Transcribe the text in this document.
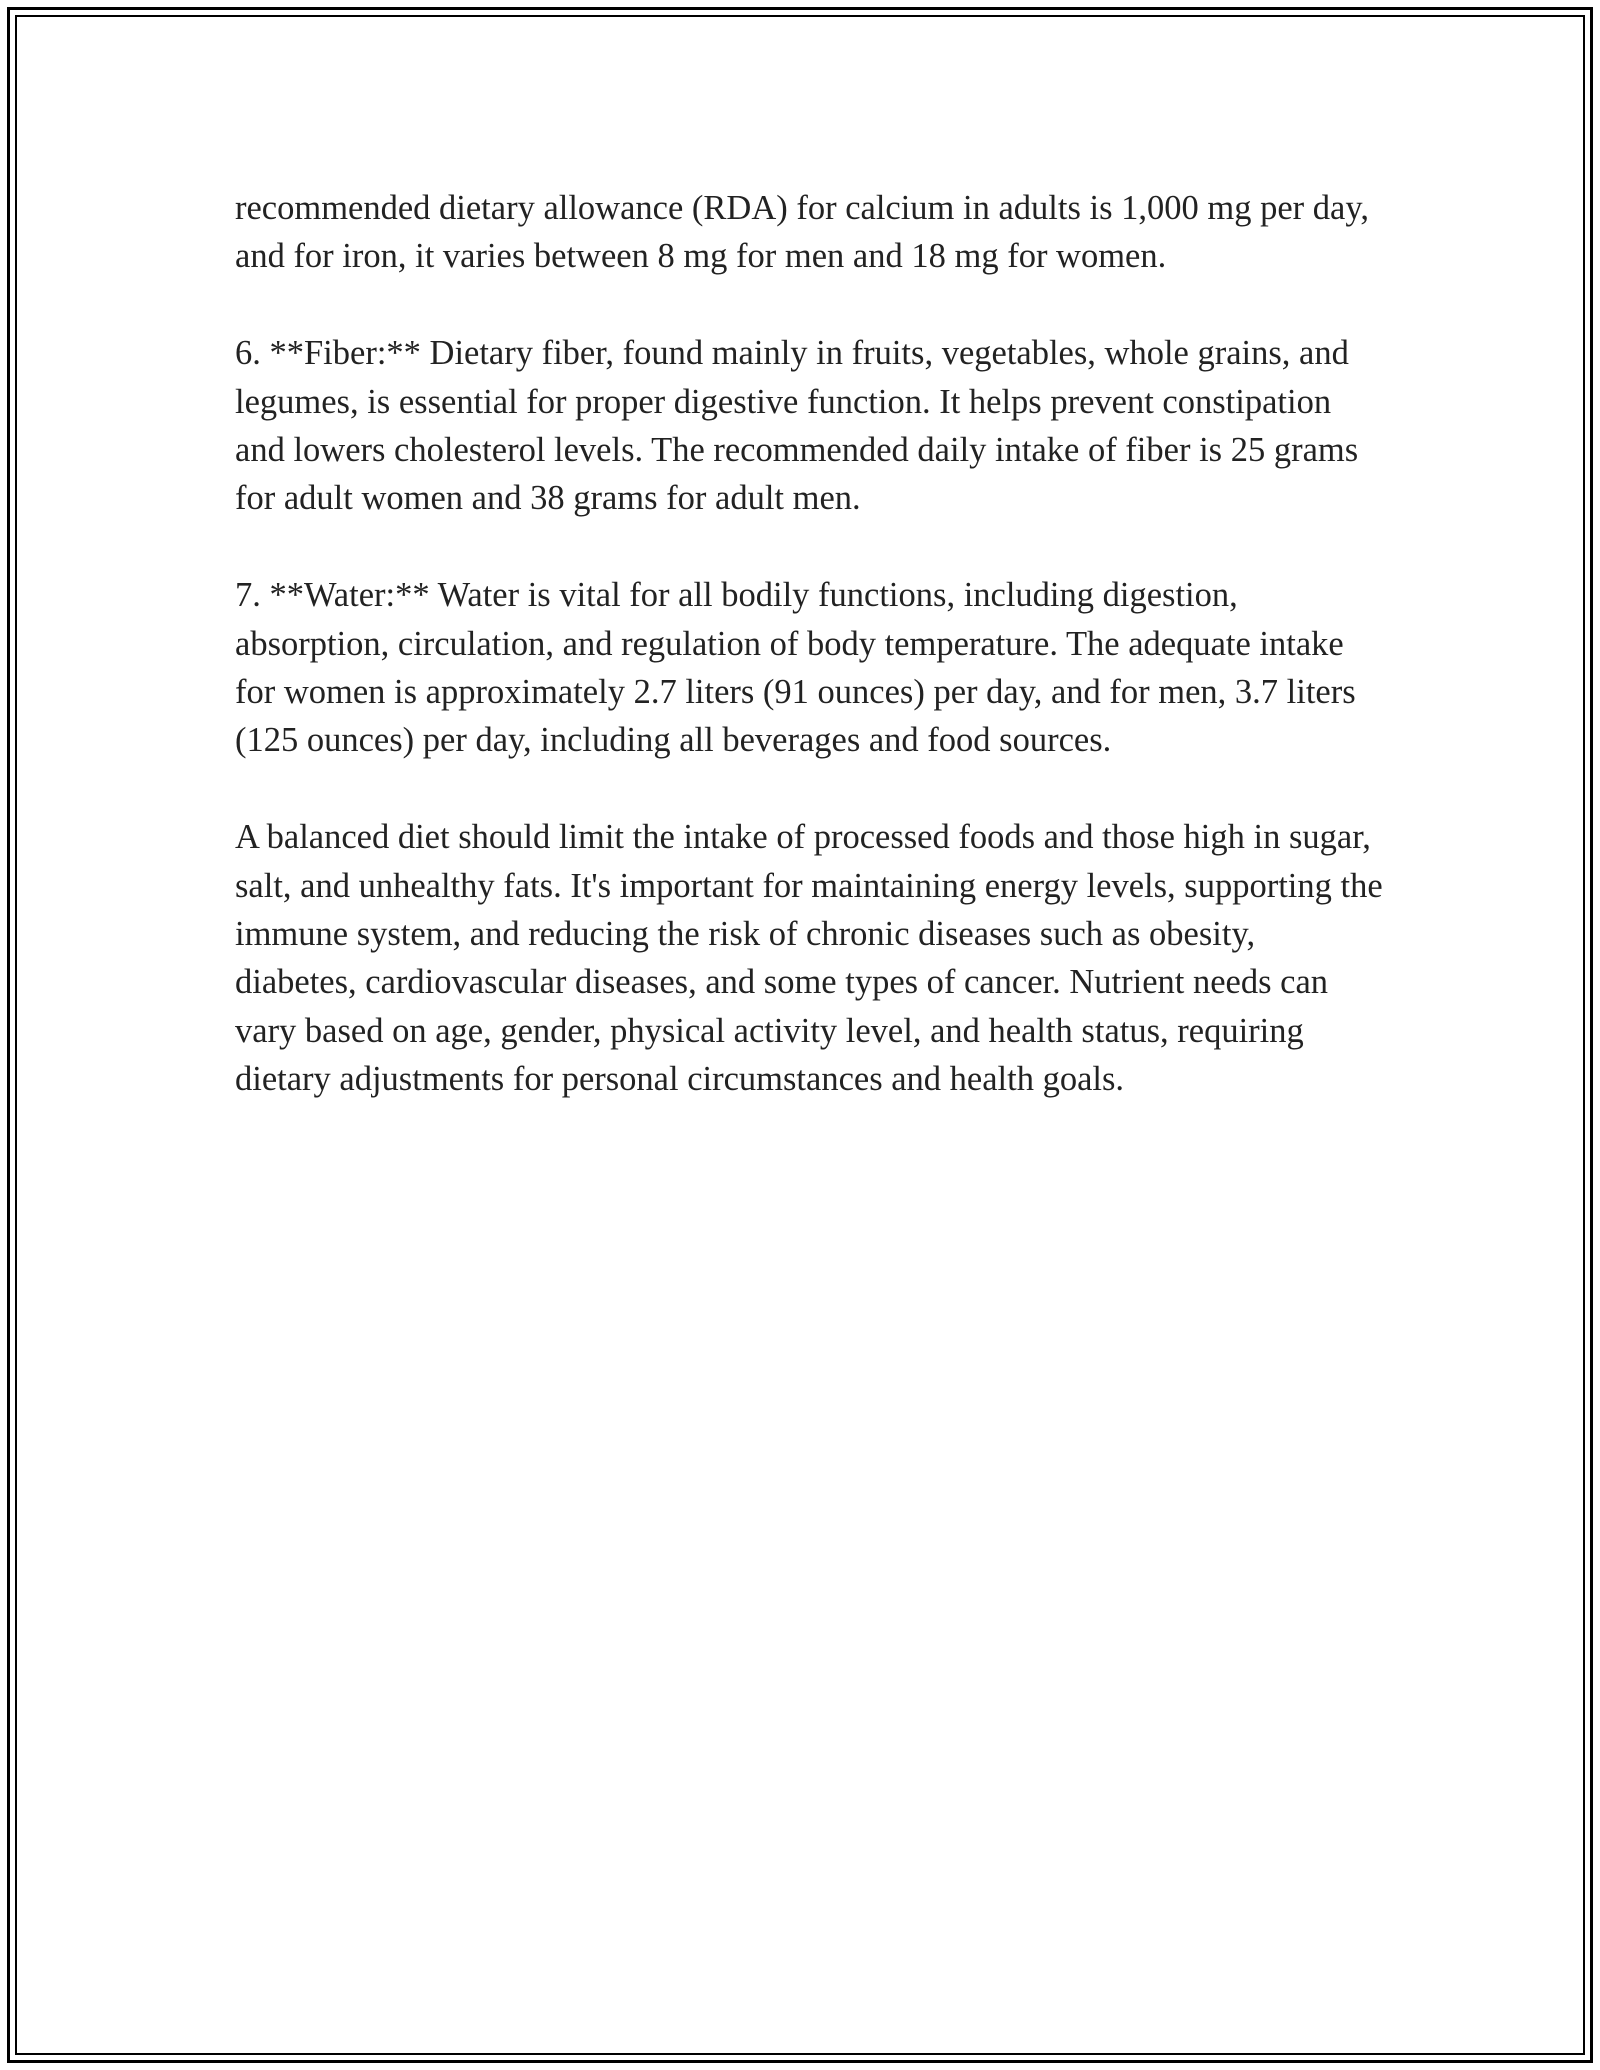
recommended dietary allowance (RDA) for calcium in adults is 1,000 mg per day, and for iron, it varies between 8 mg for men and 18 mg for women.

6. **Fiber:** Dietary fiber, found mainly in fruits, vegetables, whole grains, and legumes, is essential for proper digestive function. It helps prevent constipation and lowers cholesterol levels. The recommended daily intake of fiber is 25 grams for adult women and 38 grams for adult men.

7. **Water:** Water is vital for all bodily functions, including digestion, absorption, circulation, and regulation of body temperature. The adequate intake for women is approximately 2.7 liters (91 ounces) per day, and for men, 3.7 liters (125 ounces) per day, including all beverages and food sources.

A balanced diet should limit the intake of processed foods and those high in sugar, salt, and unhealthy fats. It's important for maintaining energy levels, supporting the immune system, and reducing the risk of chronic diseases such as obesity, diabetes, cardiovascular diseases, and some types of cancer. Nutrient needs can vary based on age, gender, physical activity level, and health status, requiring dietary adjustments for personal circumstances and health goals.
